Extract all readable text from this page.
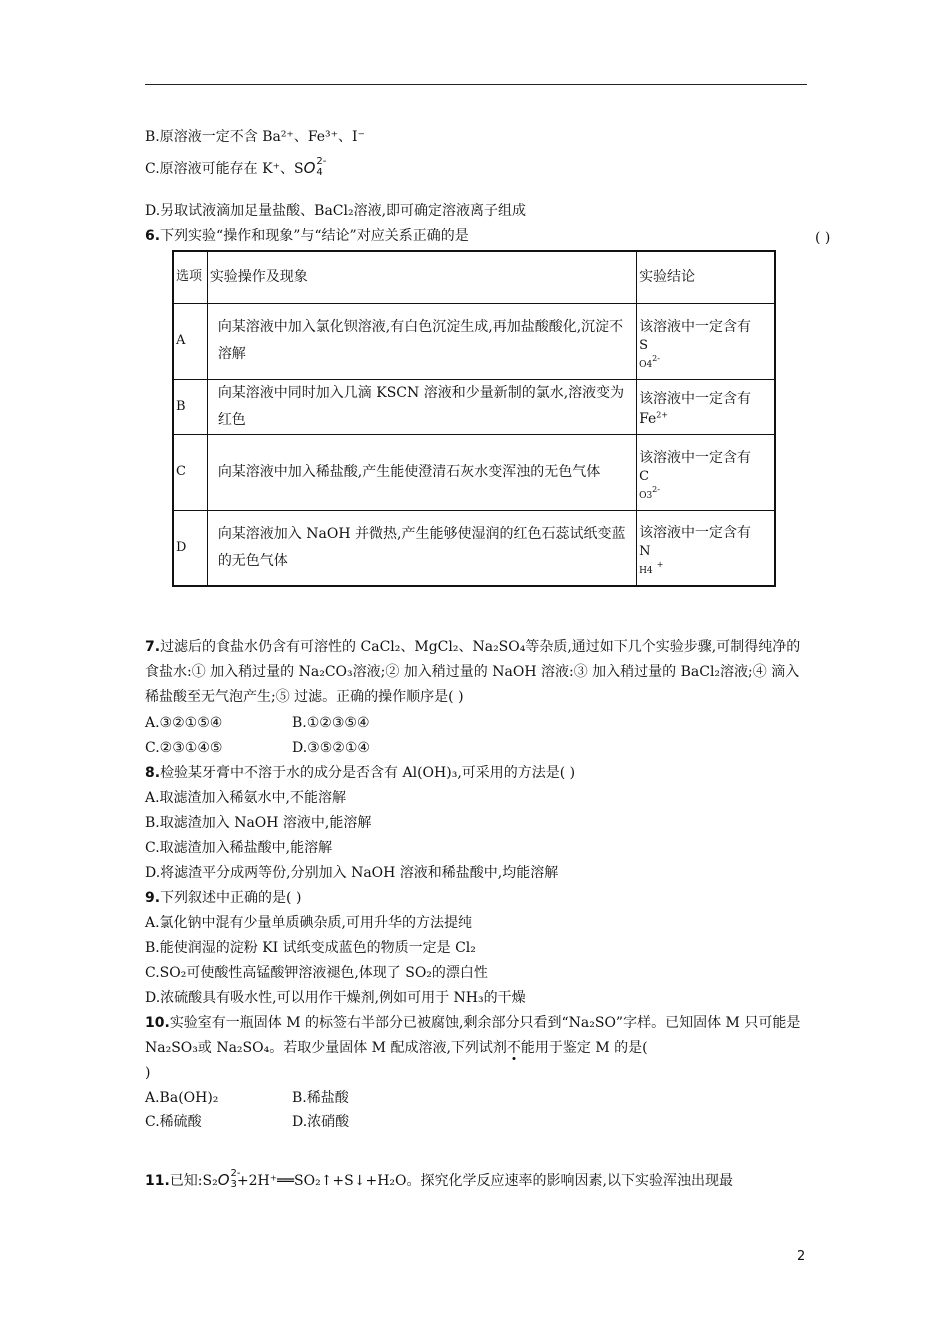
B.原溶液一定不含 Ba²⁺、Fe³⁺、I⁻
C.原溶液可能存在 K⁺、$SO^{2-}4$
D.另取试液滴加足量盐酸、BaCl₂溶液,即可确定溶液离子组成
6.下列实验“操作和现象”与“结论”对应关系正确的是	( )
选项	实验操作及现象	实验结论
A	向某溶液中加入氯化钡溶液,有白色沉淀生成,再加盐酸酸化,沉淀不溶解	该溶液中一定含有
S
$_{O4}$2-

B	向某溶液中同时加入几滴 KSCN 溶液和少量新制的氯水,溶液变为红色	该溶液中一定含有
$Fe^{2+}$

C	向某溶液中加入稀盐酸,产生能使澄清石灰水变浑浊的无色气体	该溶液中一定含有
C
$_{O3}$2-

D	向某溶液加入 NaOH 并微热,产生能够使湿润的红色石蕊试纸变蓝的无色气体	该溶液中一定含有
N
$_{H4}$ +
7.过滤后的食盐水仍含有可溶性的 CaCl₂、MgCl₂、Na₂SO₄等杂质,通过如下几个实验步骤,可制得纯净的食盐水:① 加入稍过量的 Na₂CO₃溶液;② 加入稍过量的 NaOH 溶液:③ 加入稍过量的 BaCl₂溶液;④ 滴入稀盐酸至无气泡产生;⑤ 过滤。正确的操作顺序是( )
A.③②①⑤④	B.①②③⑤④
C.②③①④⑤	D.③⑤②①④
8.检验某牙膏中不溶于水的成分是否含有 Al(OH)₃,可采用的方法是( )
A.取滤渣加入稀氨水中,不能溶解
B.取滤渣加入 NaOH 溶液中,能溶解
C.取滤渣加入稀盐酸中,能溶解
D.将滤渣平分成两等份,分别加入 NaOH 溶液和稀盐酸中,均能溶解
9.下列叙述中正确的是( )
A.氯化钠中混有少量单质碘杂质,可用升华的方法提纯
B.能使润湿的淀粉 KI 试纸变成蓝色的物质一定是 Cl₂
C.SO₂可使酸性高锰酸钾溶液褪色,体现了 SO₂的漂白性
D.浓硫酸具有吸水性,可以用作干燥剂,例如可用于 NH₃的干燥
10.实验室有一瓶固体 M 的标签右半部分已被腐蚀,剩余部分只看到“Na₂SO”字样。已知固体 M 只可能是 Na₂SO₃或 Na₂SO₄。若取少量固体 M 配成溶液,下列试剂不能用于鉴定 M 的是(
)
A.Ba(OH)₂	B.稀盐酸
C.稀硫酸	D.浓硝酸
11.已知$:S_2O^{2-}3+2H^+══SO_2↑+S↓+H_2O$。探究化学反应速率的影响因素,以下实验浑浊出现最
2
